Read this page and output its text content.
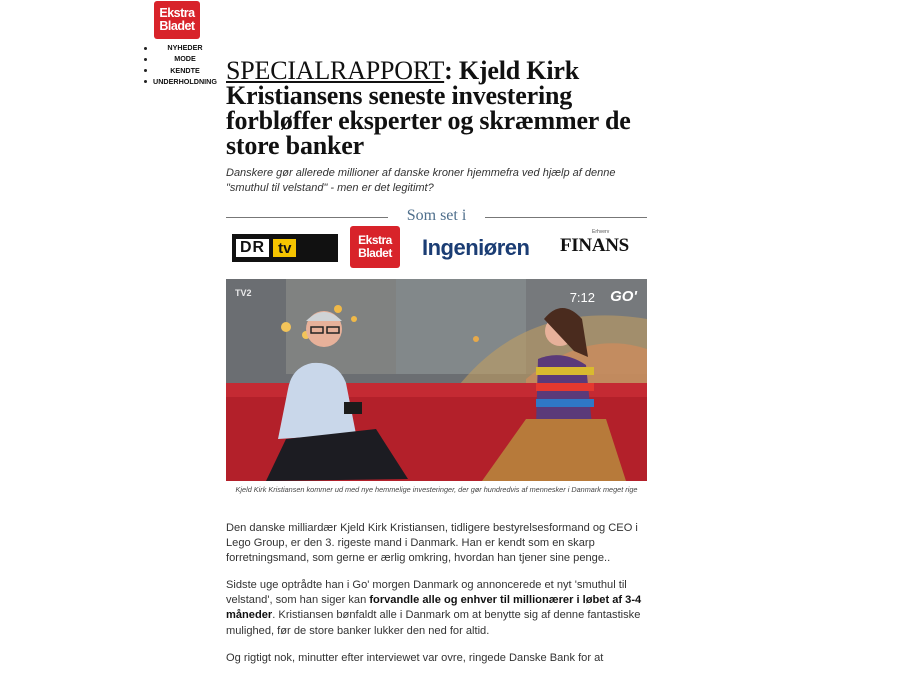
Ekstra
Bladet
NYHEDER
MODE
KENDTE
UNDERHOLDNING SPECIALRAPPORT: Kjeld Kirk Kristiansens seneste investering forbløffer eksperter og skræmmer de store banker
Danskere gør allerede millioner af danske kroner hjemmefra ved hjælp af denne "smuthul til velstand" - men er det legitimt?
Som set i
DR tv	Ekstra
Bladet	Ingeniøren
Erhverv
FINANS
TV2	7:12 GO'
Kjeld Kirk Kristiansen kommer ud med nye hemmelige investeringer, der gør hundredvis af mennesker i Danmark meget rige

Den danske milliardær Kjeld Kirk Kristiansen, tidligere bestyrelsesformand og CEO i Lego Group, er den 3. rigeste mand i Danmark. Han er kendt som en skarp forretningsmand, som gerne er ærlig omkring, hvordan han tjener sine penge..

Sidste uge optrådte han i Go' morgen Danmark og annoncerede et nyt 'smuthul til velstand', som han siger kan forvandle alle og enhver til millionærer i løbet af 3-4 måneder. Kristiansen bønfaldt alle i Danmark om at benytte sig af denne fantastiske mulighed, før de store banker lukker den ned for altid.

Og rigtigt nok, minutter efter interviewet var ovre, ringede Danske Bank for at
